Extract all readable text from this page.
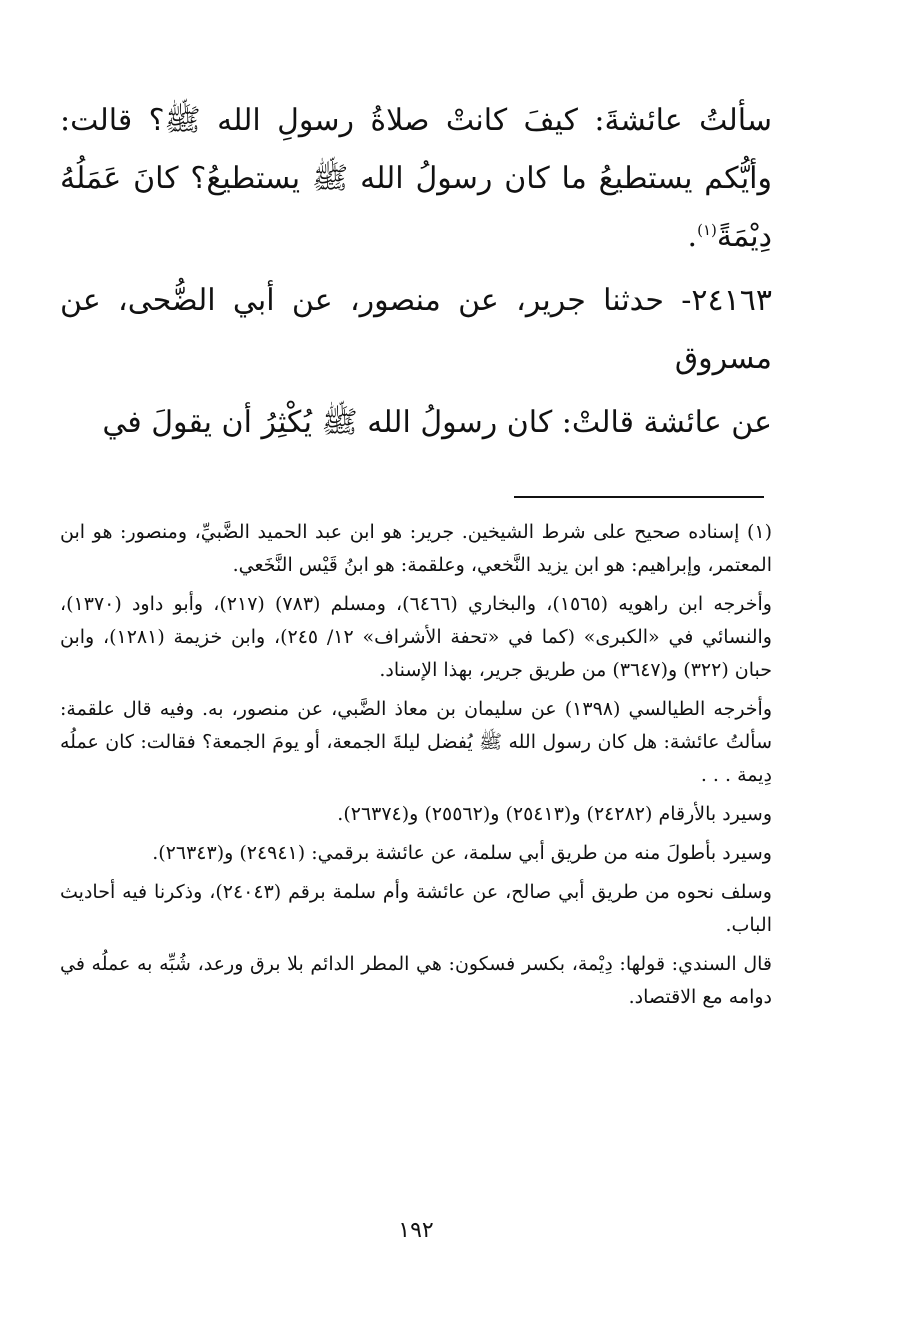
سألتُ عائشةَ: كيفَ كانتْ صلاةُ رسولِ الله ﷺ؟ قالت: وأيُّكم يستطيعُ ما كان رسولُ الله ﷺ يستطيعُ؟ كانَ عَمَلُهُ دِيْمَةً$^{(١)}$.

٢٤١٦٣- حدثنا جرير، عن منصور، عن أبي الضُّحى، عن مسروق

عن عائشة قالتْ: كان رسولُ الله ﷺ يُكْثِرُ أن يقولَ في

(١) إسناده صحيح على شرط الشيخين. جرير: هو ابن عبد الحميد الضَّبيِّ، ومنصور: هو ابن المعتمر، وإبراهيم: هو ابن يزيد النَّخعي، وعلقمة: هو ابنُ قَيْس النَّخَعي.

وأخرجه ابن راهويه (١٥٦٥)، والبخاري (٦٤٦٦)، ومسلم (٧٨٣) (٢١٧)، وأبو داود (١٣٧٠)، والنسائي في «الكبرى» (كما في «تحفة الأشراف» ١٢/ ٢٤٥)، وابن خزيمة (١٢٨١)، وابن حبان (٣٢٢) و(٣٦٤٧) من طريق جرير، بهذا الإسناد.

وأخرجه الطيالسي (١٣٩٨) عن سليمان بن معاذ الضَّبي، عن منصور، به. وفيه قال علقمة: سألتُ عائشة: هل كان رسول الله ﷺ يُفضل ليلةَ الجمعة، أو يومَ الجمعة؟ فقالت: كان عملُه دِيمة . . .

وسيرد بالأرقام (٢٤٢٨٢) و(٢٥٤١٣) و(٢٥٥٦٢) و(٢٦٣٧٤).

وسيرد بأطولَ منه من طريق أبي سلمة، عن عائشة برقمي: (٢٤٩٤١) و(٢٦٣٤٣).

وسلف نحوه من طريق أبي صالح، عن عائشة وأم سلمة برقم (٢٤٠٤٣)، وذكرنا فيه أحاديث الباب.

قال السندي: قولها: دِيْمة، بكسر فسكون: هي المطر الدائم بلا برق ورعد، شُبِّه به عملُه في دوامه مع الاقتصاد.

١٩٢
